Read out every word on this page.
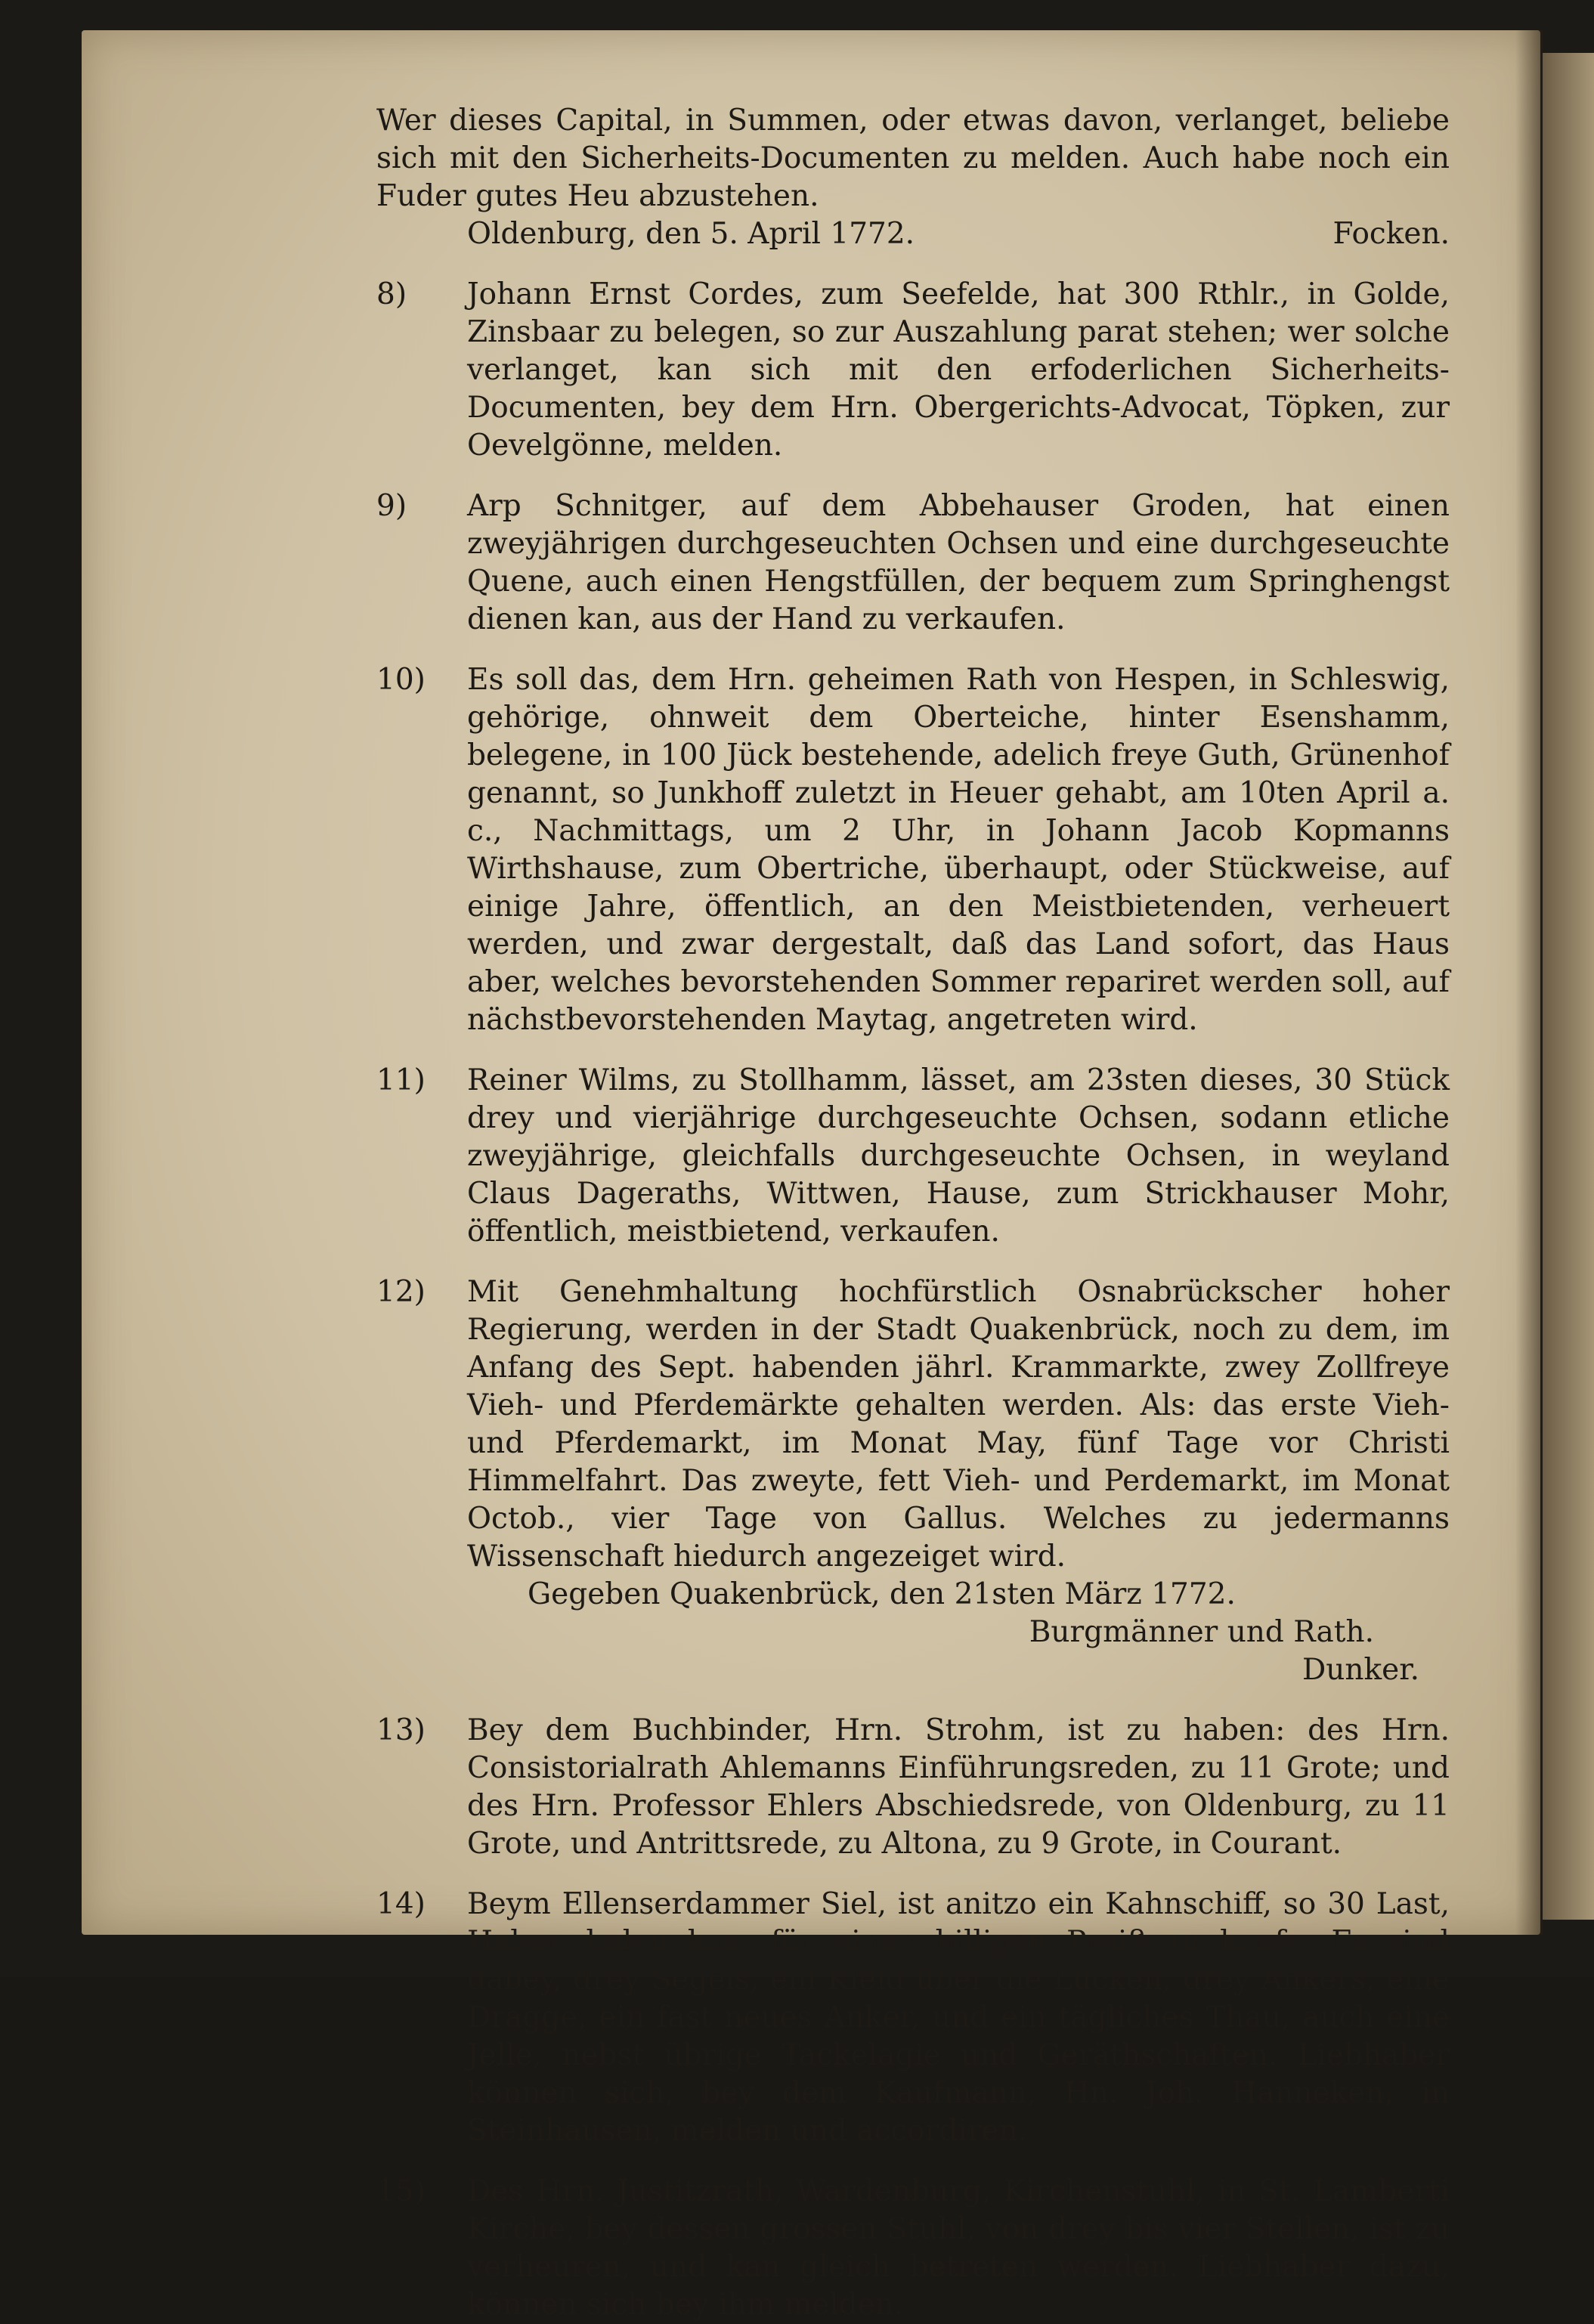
Wer dieses Capital, in Summen, oder etwas davon, verlanget, beliebe sich mit den Sicherheits-Documenten zu melden. Auch habe noch ein Fuder gutes Heu abzustehen.

Oldenburg, den 5. April 1772.	Focken.
8)	Johann Ernst Cordes, zum Seefelde, hat 300 Rthlr., in Golde, Zinsbaar zu belegen, so zur Auszahlung parat stehen; wer solche verlanget, kan sich mit den erfoderlichen Sicherheits-Documenten, bey dem Hrn. Obergerichts-Advocat, Töpken, zur Oevelgönne, melden.
9)	Arp Schnitger, auf dem Abbehauser Groden, hat einen zweyjährigen durchgeseuchten Ochsen und eine durchgeseuchte Quene, auch einen Hengstfüllen, der bequem zum Springhengst dienen kan, aus der Hand zu verkaufen.
10)	Es soll das, dem Hrn. geheimen Rath von Hespen, in Schleswig, gehörige, ohnweit dem Oberteiche, hinter Esenshamm, belegene, in 100 Jück bestehende, adelich freye Guth, Grünenhof genannt, so Junkhoff zuletzt in Heuer gehabt, am 10ten April a. c., Nachmittags, um 2 Uhr, in Johann Jacob Kopmanns Wirthshause, zum Obertriche, überhaupt, oder Stückweise, auf einige Jahre, öffentlich, an den Meistbietenden, verheuert werden, und zwar dergestalt, daß das Land sofort, das Haus aber, welches bevorstehenden Sommer repariret werden soll, auf nächstbevorstehenden Maytag, angetreten wird.
11)	Reiner Wilms, zu Stollhamm, lässet, am 23sten dieses, 30 Stück drey und vierjährige durchgeseuchte Ochsen, sodann etliche zweyjährige, gleichfalls durchgeseuchte Ochsen, in weyland Claus Dageraths, Wittwen, Hause, zum Strickhauser Mohr, öffentlich, meistbietend, verkaufen.
12)	Mit Genehmhaltung hochfürstlich Osnabrückscher hoher Regierung, werden in der Stadt Quakenbrück, noch zu dem, im Anfang des Sept. habenden jährl. Krammarkte, zwey Zollfreye Vieh- und Pferdemärkte gehalten werden. Als: das erste Vieh- und Pferdemarkt, im Monat May, fünf Tage vor Christi Himmelfahrt. Das zweyte, fett Vieh- und Perdemarkt, im Monat Octob., vier Tage von Gallus. Welches zu jedermanns Wissenschaft hiedurch angezeiget wird.

Gegeben Quakenbrück, den 21sten März 1772.

Burgmänner und Rath.

Dunker.

13)	Bey dem Buchbinder, Hrn. Strohm, ist zu haben: des Hrn. Consistorialrath Ahlemanns Einführungsreden, zu 11 Grote; und des Hrn. Professor Ehlers Abschiedsrede, von Oldenburg, zu 11 Grote, und Antrittsrede, zu Altona, zu 9 Grote, in Courant.
14)	Beym Ellenserdammer Siel, ist anitzo ein Kahnschiff, so 30 Last, Haber, laden kan, für einen billigen Preiß zu kaufe. Es sind dabey, drey Segels, ein Kleid über die Lucken, drey Ankers, eine Dragge, ein fast neues Anker, und ein tägliches Thau, auch eine Jelle, nebst übrige Tackelagie und Geräthschaften. Liebhaber können sich, bey dem Kaufmann, Hn. Joh. Hanneken, in Steinhausen, melden und accordiren.
15)	Des Hrn. Justitzrath, Wardenburg, Kirchenstuhl, in St. Lamberti Kirche, bey dessen grossen Stuhl, von drey bis vier Stellen, ist zu verheuren, und kan gleich betreten werden. Liebhaber dazu, können sich bey ihm melden.
